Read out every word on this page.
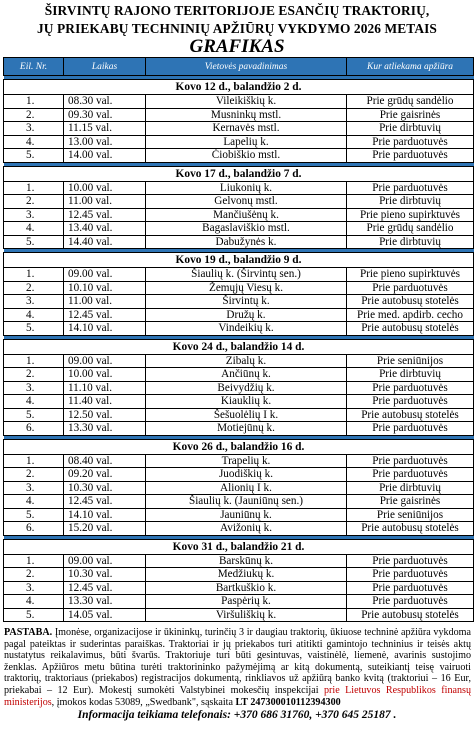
ŠIRVINTŲ RAJONO TERITORIJOJE ESANČIŲ TRAKTORIŲ,
JŲ PRIEKABŲ TECHNINIŲ APŽIŪRŲ VYKDYMO 2026 METAIS
GRAFIKAS
Eil. Nr.	Laikas	Vietovės pavadinimas	Kur atliekama apžiūra

Kovo 12 d., balandžio 2 d.			
1.	08.30 val.	Vileikiškių k.	Prie grūdų sandėlio
2.	09.30 val.	Musninkų mstl.	Prie gaisrinės
3.	11.15 val.	Kernavės mstl.	Prie dirbtuvių
4.	13.00 val.	Lapelių k.	Prie parduotuvės
5.	14.00 val.	Čiobiškio mstl.	Prie parduotuvės

Kovo 17 d., balandžio 7 d.			
1.	10.00 val.	Liukonių k.	Prie parduotuvės
2.	11.00 val.	Gelvonų mstl.	Prie dirbtuvių
3.	12.45 val.	Mančiušėnų k.	Prie pieno supirktuvės
4.	13.40 val.	Bagaslaviškio mstl.	Prie grūdų sandėlio
5.	14.40 val.	Dabužynės k.	Prie dirbtuvių

Kovo 19 d., balandžio 9 d.			
1.	09.00 val.	Šiaulių k. (Širvintų sen.)	Prie pieno supirktuvės
2.	10.10 val.	Žemųjų Viesų k.	Prie parduotuvės
3.	11.00 val.	Širvintų k.	Prie autobusų stotelės
4.	12.45 val.	Družų k.	Prie med. apdirb. cecho
5.	14.10 val.	Vindeikių k.	Prie autobusų stotelės

Kovo 24 d., balandžio 14 d.			
1.	09.00 val.	Zibalų k.	Prie seniūnijos
2.	10.00 val.	Ančiūnų k.	Prie dirbtuvių
3.	11.10 val.	Beivydžių k.	Prie parduotuvės
4.	11.40 val.	Kiauklių k.	Prie parduotuvės
5.	12.50 val.	Šešuolėlių I k.	Prie autobusų stotelės
6.	13.30 val.	Motiejūnų k.	Prie parduotuvės

Kovo 26 d., balandžio 16 d.			
1.	08.40 val.	Trapelių k.	Prie parduotuvės
2.	09.20 val.	Juodiškių k.	Prie parduotuvės
3.	10.30 val.	Alionių I k.	Prie dirbtuvių
4.	12.45 val.	Šiaulių k. (Jauniūnų sen.)	Prie gaisrinės
5.	14.10 val.	Jauniūnų k.	Prie seniūnijos
6.	15.20 val.	Avižonių k.	Prie autobusų stotelės

Kovo 31 d., balandžio 21 d.			
1.	09.00 val.	Barskūnų k.	Prie parduotuvės
2.	10.30 val.	Medžiukų k.	Prie parduotuvės
3.	12.45 val.	Bartkuškio k.	Prie parduotuvės
4.	13.30 val.	Paspėrių k.	Prie parduotuvės
5.	14.05 val.	Viršuliškių k.	Prie autobusų stotelės
PASTABA. Įmonėse, organizacijose ir ūkininkų, turinčių 3 ir daugiau traktorių, ūkiuose techninė apžiūra vykdoma pagal pateiktas ir suderintas paraiškas. Traktoriai ir jų priekabos turi atitikti gamintojo techninius ir teisės aktų nustatytus reikalavimus, būti švarūs. Traktoriuje turi būti gesintuvas, vaistinėlė, liemenė, avarinis sustojimo ženklas. Apžiūros metu būtina turėti traktorininko pažymėjimą ar kitą dokumentą, suteikiantį teisę vairuoti traktorių, traktoriaus (priekabos) registracijos dokumentą, rinkliavos už apžiūrą banko kvitą (traktoriui – 16 Eur, priekabai – 12 Eur). Mokestį sumokėti Valstybinei mokesčių inspekcijai prie Lietuvos Respublikos finansų ministerijos, įmokos kodas 53089, „Swedbank", sąskaita LT 247300010112394300
Informacija teikiama telefonais: +370 686 31760, +370 645 25187 .
